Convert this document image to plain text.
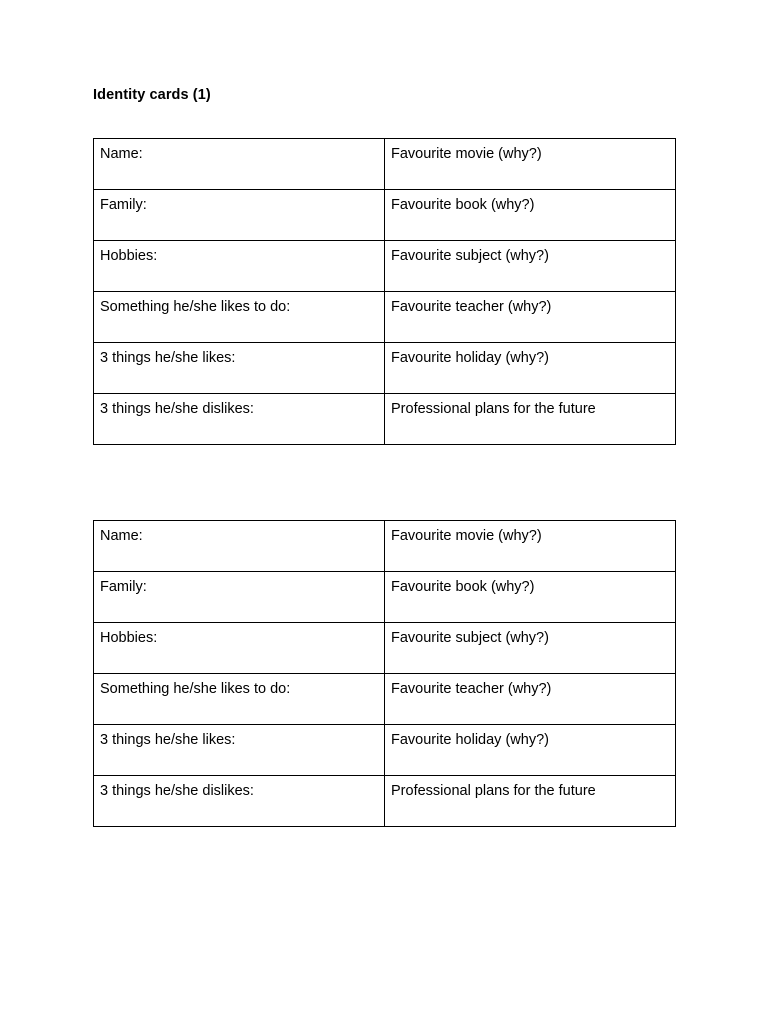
Identity cards (1)
Name:	Favourite movie (why?)
Family:	Favourite book (why?)
Hobbies:	Favourite subject (why?)
Something he/she likes to do:	Favourite teacher (why?)
3 things he/she likes:	Favourite holiday (why?)
3 things he/she dislikes:	Professional plans for the future
Name:	Favourite movie (why?)
Family:	Favourite book (why?)
Hobbies:	Favourite subject (why?)
Something he/she likes to do:	Favourite teacher (why?)
3 things he/she likes:	Favourite holiday (why?)
3 things he/she dislikes:	Professional plans for the future
